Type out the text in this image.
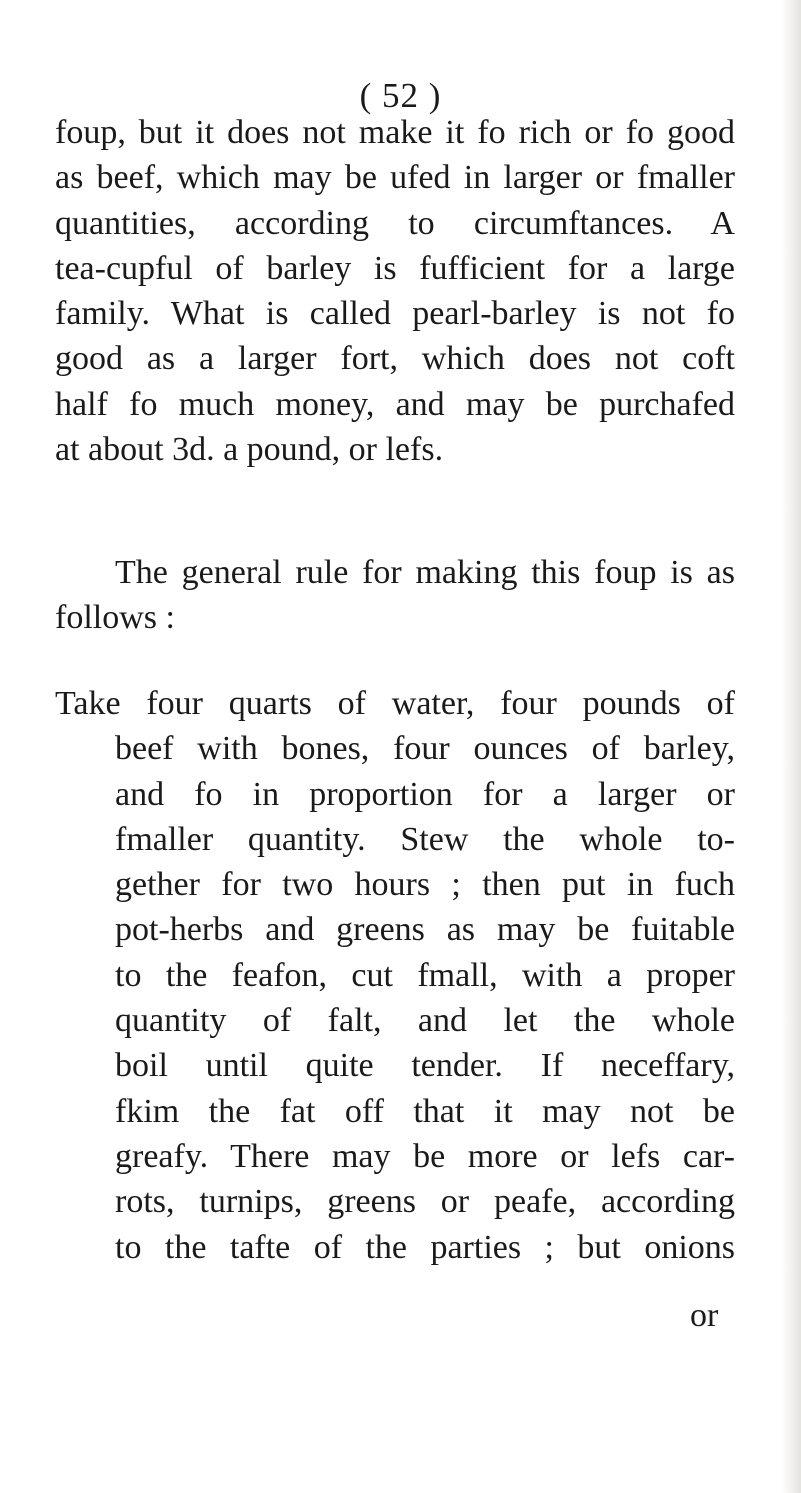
( 52 )
foup, but it does not make it fo rich or fo good
as beef, which may be ufed in larger or fmaller
quantities, according to circumftances. A
tea-cupful of barley is fufficient for a large
family. What is called pearl-barley is not fo
good as a larger fort, which does not coft
half fo much money, and may be purchafed
at about 3d. a pound, or lefs.
The general rule for making this foup is as
follows :
Take four quarts of water, four pounds of
beef with bones, four ounces of barley,
and fo in proportion for a larger or
fmaller quantity. Stew the whole to-
gether for two hours ; then put in fuch
pot-herbs and greens as may be fuitable
to the feafon, cut fmall, with a proper
quantity of falt, and let the whole
boil until quite tender. If neceffary,
fkim the fat off that it may not be
greafy. There may be more or lefs car-
rots, turnips, greens or peafe, according
to the tafte of the parties ; but onions
or
